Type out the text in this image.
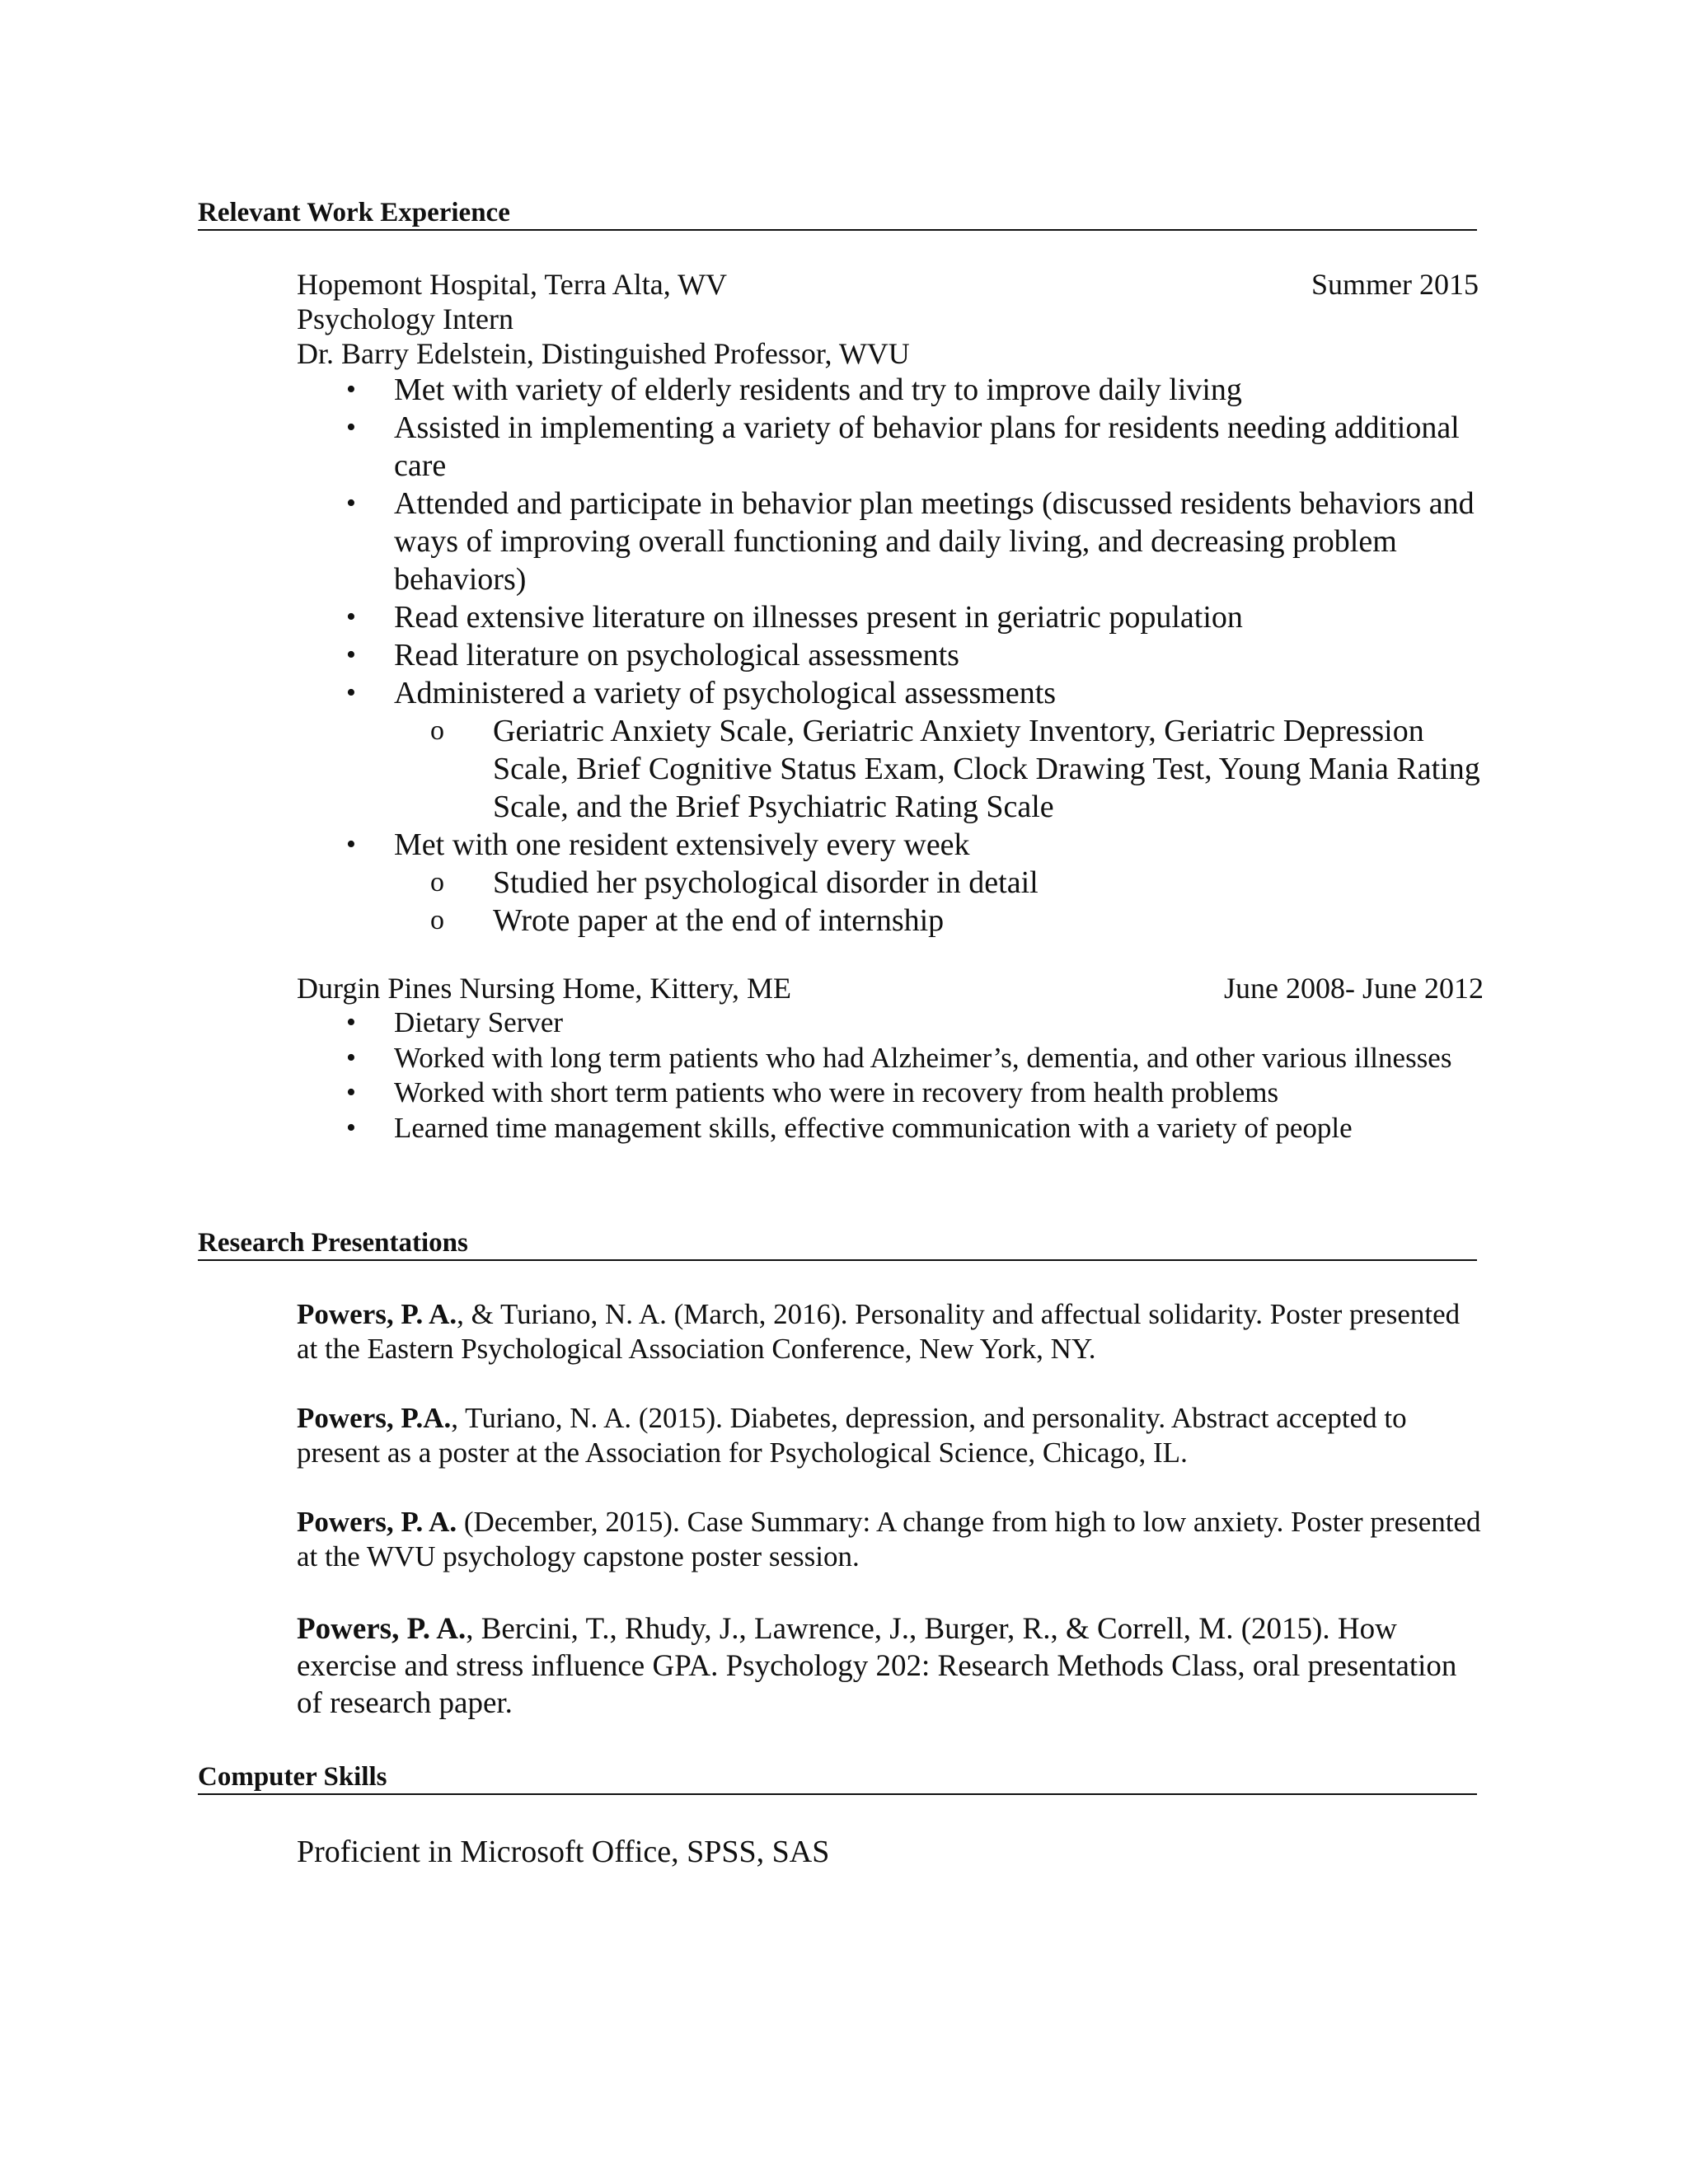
Relevant Work Experience
Hopemont Hospital, Terra Alta, WV	Summer 2015
Psychology Intern
Dr. Barry Edelstein, Distinguished Professor, WVU
• Met with variety of elderly residents and try to improve daily living
• Assisted in implementing a variety of behavior plans for residents needing additional care
• Attended and participate in behavior plan meetings (discussed residents behaviors and ways of improving overall functioning and daily living, and decreasing problem behaviors)
• Read extensive literature on illnesses present in geriatric population
• Read literature on psychological assessments
• Administered a variety of psychological assessments
o Geriatric Anxiety Scale, Geriatric Anxiety Inventory, Geriatric Depression Scale, Brief Cognitive Status Exam, Clock Drawing Test, Young Mania Rating Scale, and the Brief Psychiatric Rating Scale
• Met with one resident extensively every week
o Studied her psychological disorder in detail
o Wrote paper at the end of internship
Durgin Pines Nursing Home, Kittery, ME	June 2008- June 2012
• Dietary Server
• Worked with long term patients who had Alzheimer’s, dementia, and other various illnesses
• Worked with short term patients who were in recovery from health problems
• Learned time management skills, effective communication with a variety of people
Research Presentations
Powers, P. A., & Turiano, N. A. (March, 2016). Personality and affectual solidarity. Poster presented at the Eastern Psychological Association Conference, New York, NY.
Powers, P.A., Turiano, N. A. (2015). Diabetes, depression, and personality. Abstract accepted to present as a poster at the Association for Psychological Science, Chicago, IL.
Powers, P. A. (December, 2015). Case Summary: A change from high to low anxiety. Poster presented at the WVU psychology capstone poster session.
Powers, P. A., Bercini, T., Rhudy, J., Lawrence, J., Burger, R., & Correll, M. (2015). How exercise and stress influence GPA. Psychology 202: Research Methods Class, oral presentation of research paper.
Computer Skills
Proficient in Microsoft Office, SPSS, SAS
